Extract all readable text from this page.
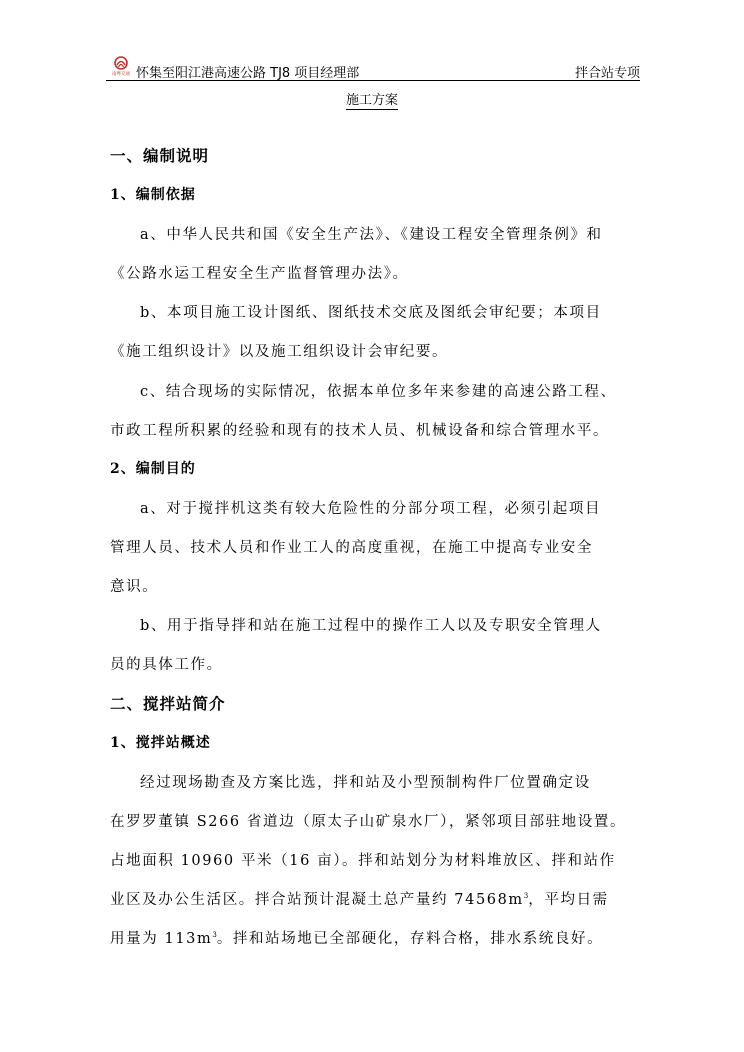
南粤交通 怀集至阳江港高速公路 TJ8 项目经理部	拌合站专项
施工方案
一、编制说明
1、编制依据
a、中华人民共和国《安全生产法》、《建设工程安全管理条例》和
《公路水运工程安全生产监督管理办法》。
b、本项目施工设计图纸、图纸技术交底及图纸会审纪要；本项目
《施工组织设计》以及施工组织设计会审纪要。
c、结合现场的实际情况，依据本单位多年来参建的高速公路工程、
市政工程所积累的经验和现有的技术人员、机械设备和综合管理水平。
2、编制目的
a、对于搅拌机这类有较大危险性的分部分项工程，必须引起项目
管理人员、技术人员和作业工人的高度重视，在施工中提高专业安全
意识。
b、用于指导拌和站在施工过程中的操作工人以及专职安全管理人
员的具体工作。
二、搅拌站简介
1、搅拌站概述
经过现场勘查及方案比选，拌和站及小型预制构件厂位置确定设
在罗罗董镇 S266 省道边（原太子山矿泉水厂），紧邻项目部驻地设置。
占地面积 10960 平米（16 亩）。拌和站划分为材料堆放区、拌和站作
业区及办公生活区。拌合站预计混凝土总产量约 $74568m^3$，平均日需
用量为 $113m^3$。拌和站场地已全部硬化，存料合格，排水系统良好。
